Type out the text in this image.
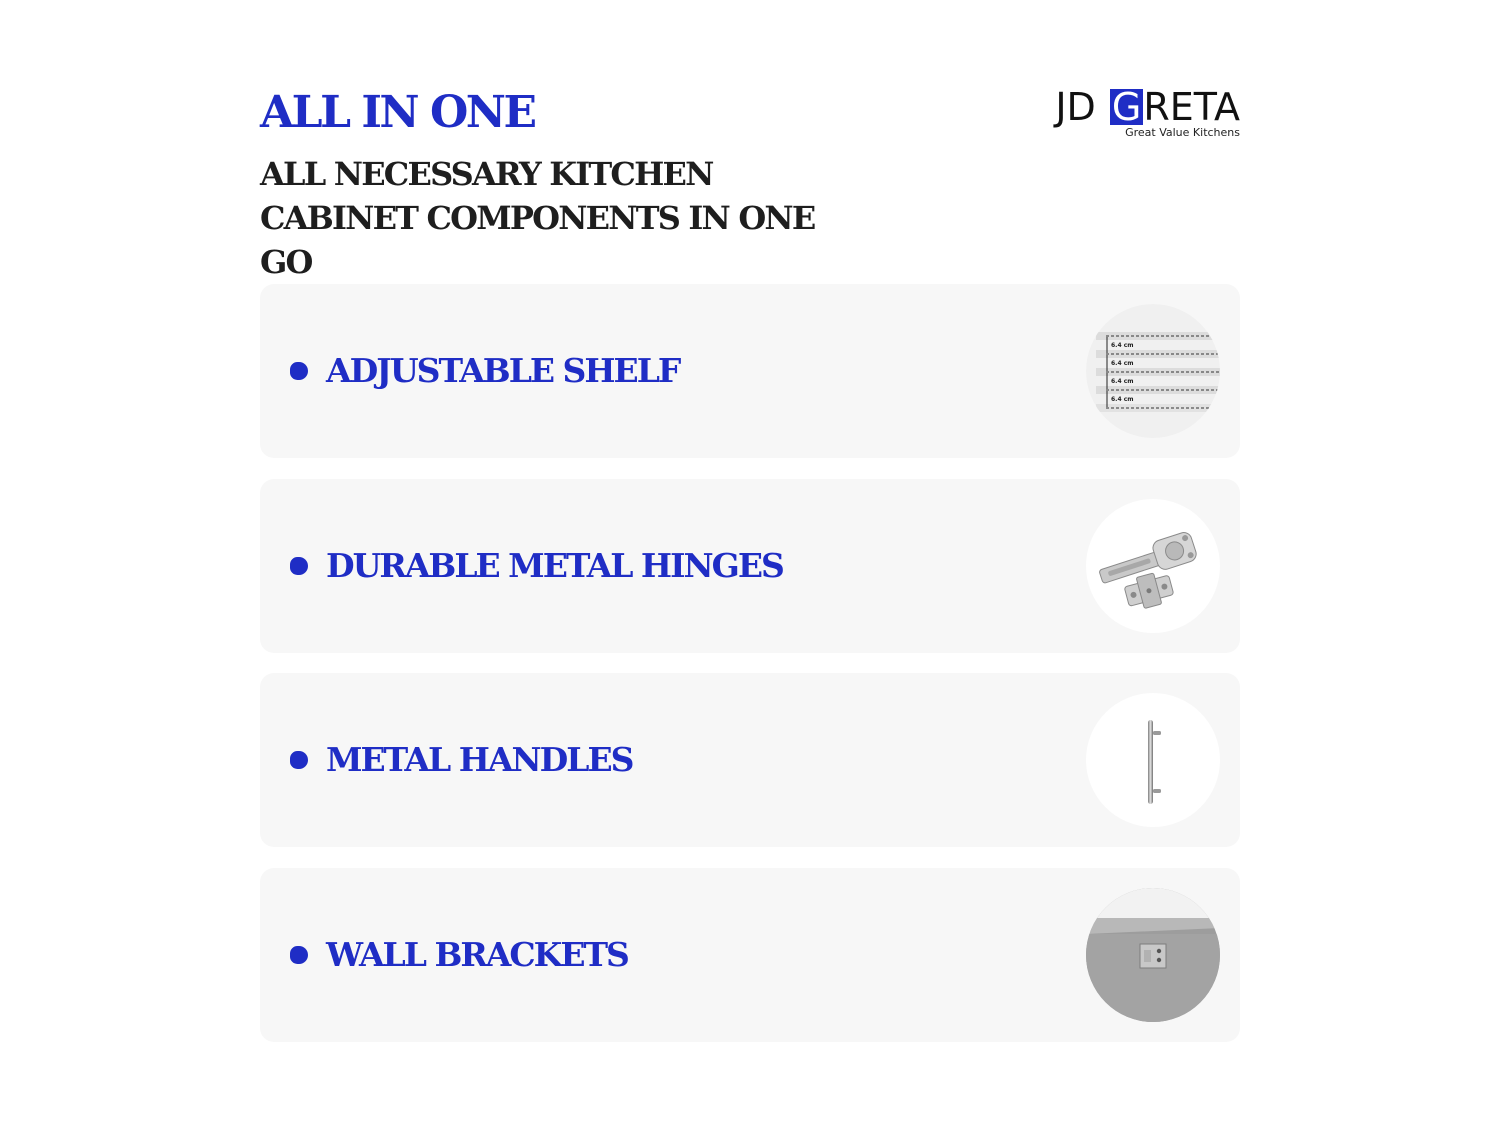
ALL IN ONE
ALL NECESSARY KITCHEN CABINET COMPONENTS IN ONE GO
JD GRETA
Great Value Kitchens
ADJUSTABLE SHELF
6.4 cm
6.4 cm
6.4 cm
6.4 cm
DURABLE METAL HINGES
METAL HANDLES
WALL BRACKETS
